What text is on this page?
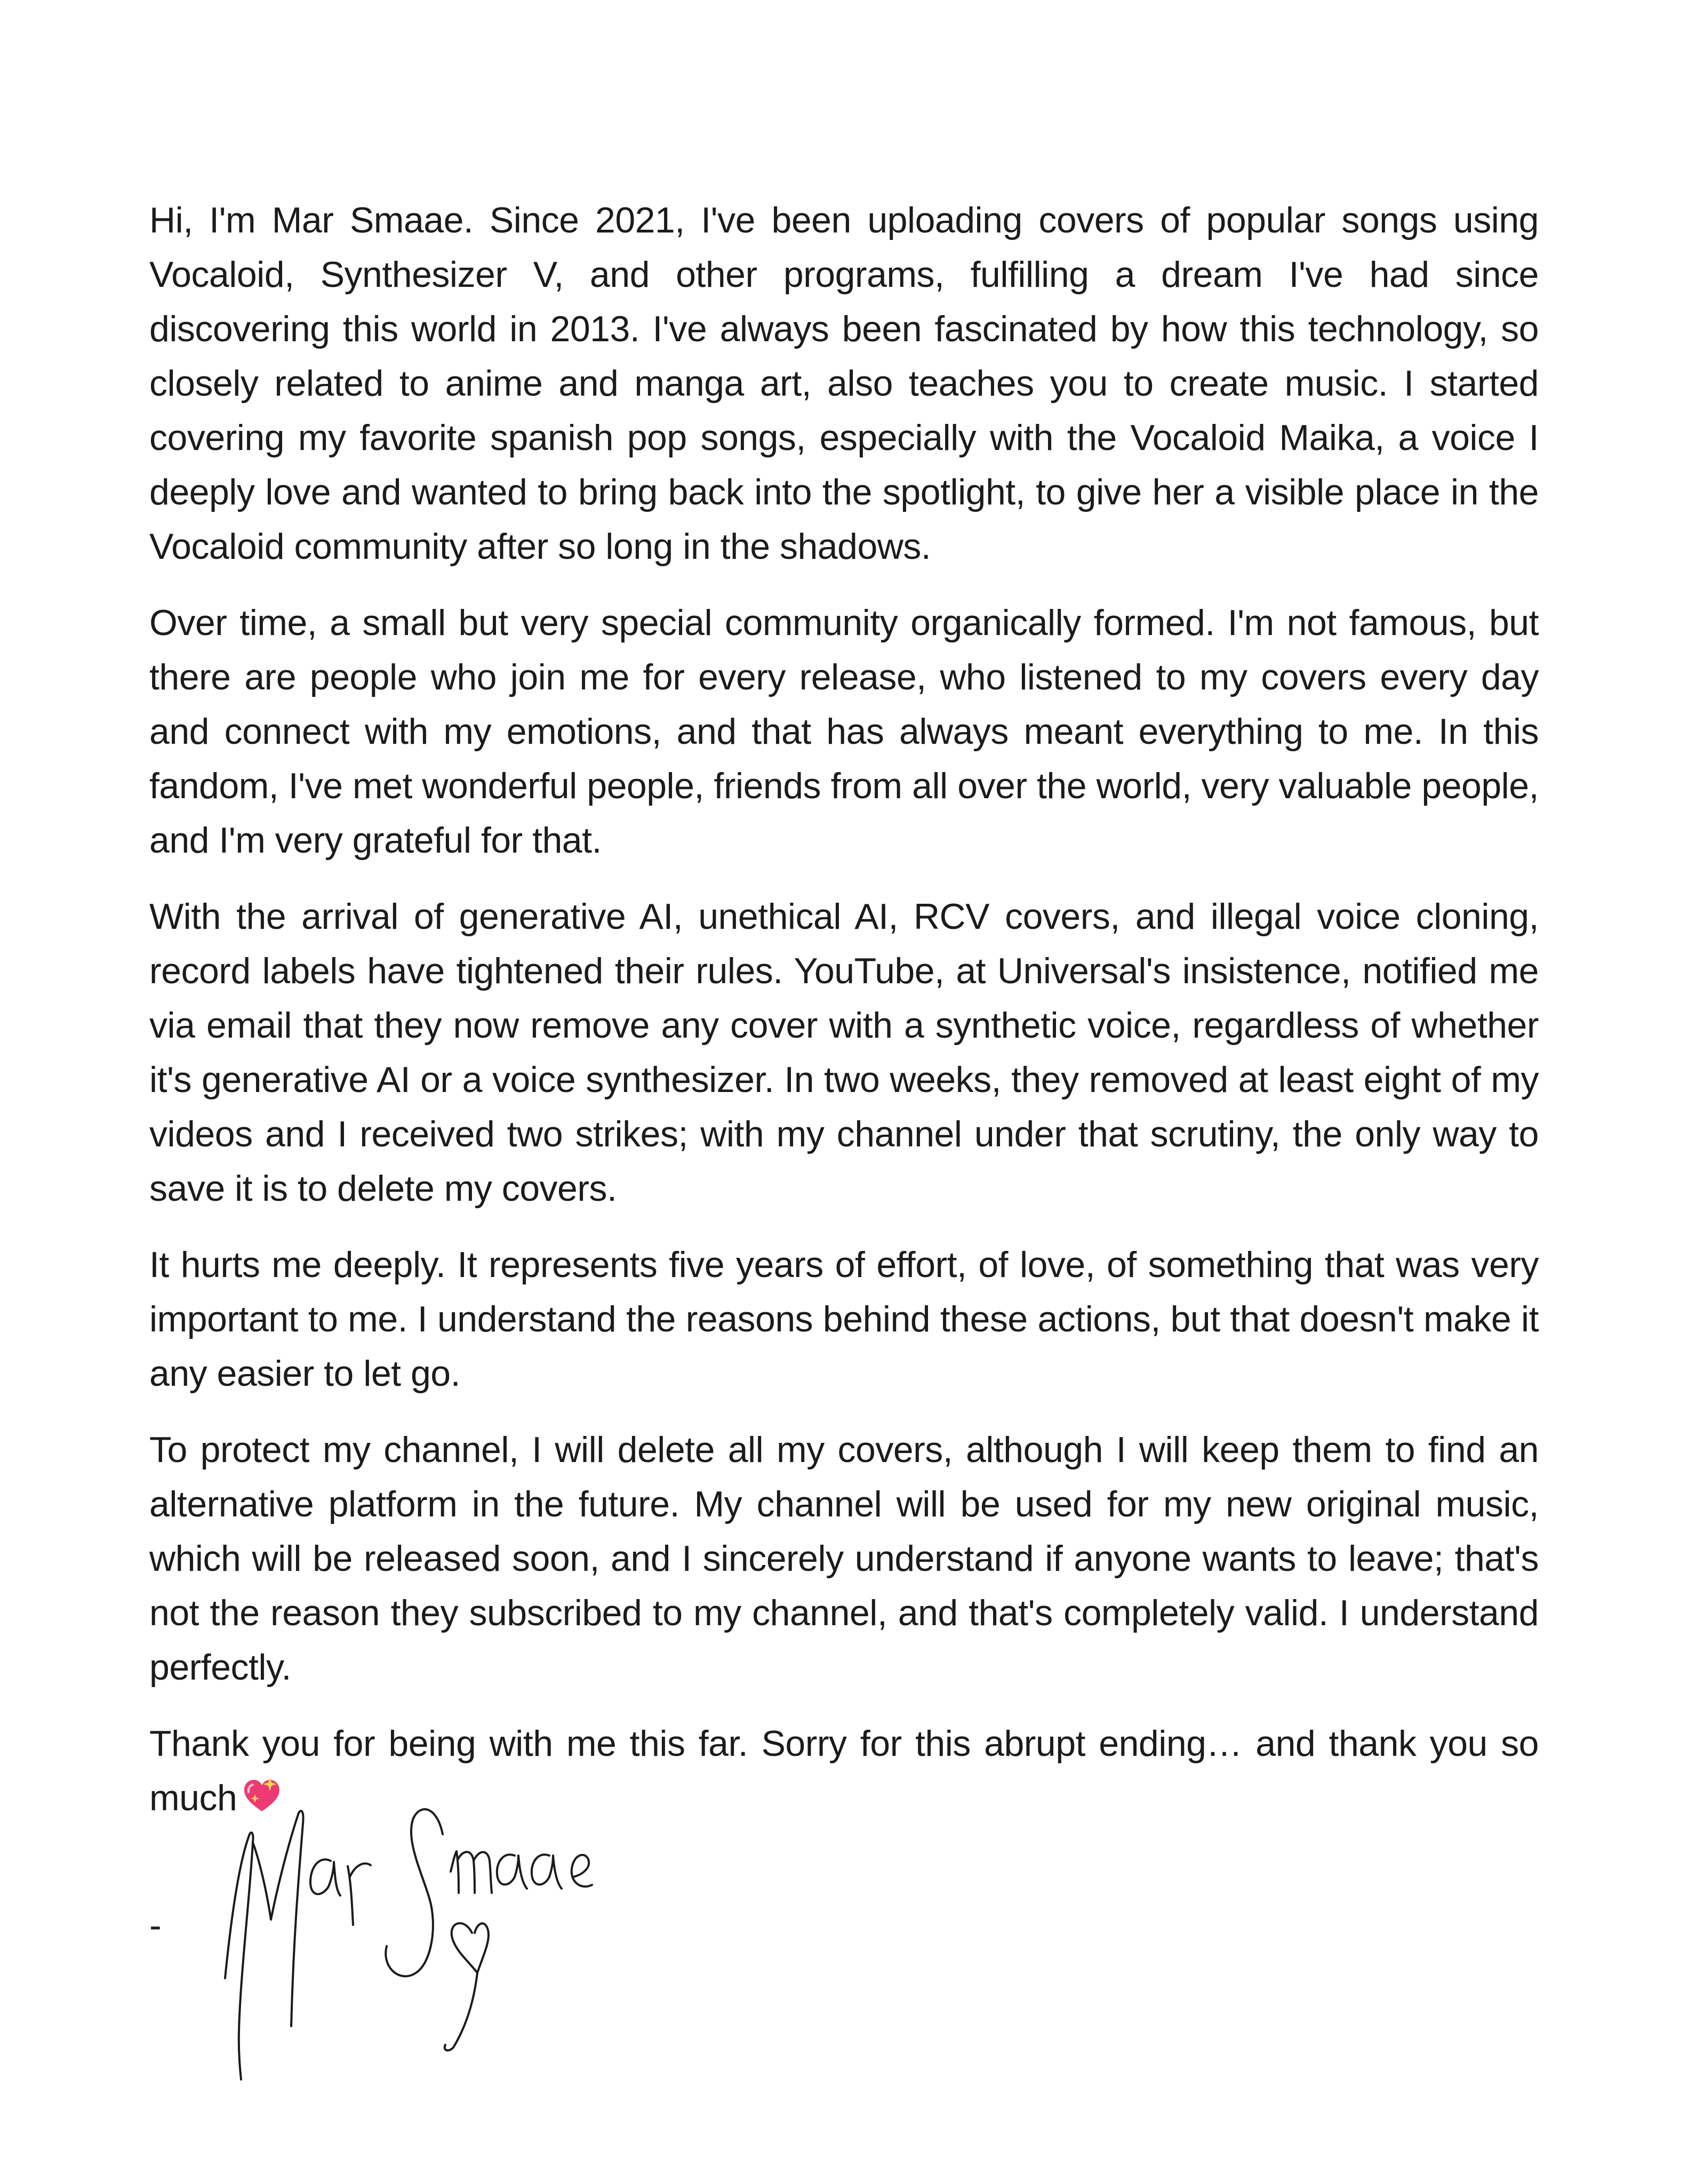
Hi, I'm Mar Smaae. Since 2021, I've been uploading covers of popular songs using Vocaloid, Synthesizer V, and other programs, fulfilling a dream I've had since discovering this world in 2013. I've always been fascinated by how this technology, so closely related to anime and manga art, also teaches you to create music. I started covering my favorite spanish pop songs, especially with the Vocaloid Maika, a voice I deeply love and wanted to bring back into the spotlight, to give her a visible place in the Vocaloid community after so long in the shadows.

Over time, a small but very special community organically formed. I'm not famous, but there are people who join me for every release, who listened to my covers every day and connect with my emotions, and that has always meant everything to me. In this fandom, I've met wonderful people, friends from all over the world, very valuable people, and I'm very grateful for that.

With the arrival of generative AI, unethical AI, RCV covers, and illegal voice cloning, record labels have tightened their rules. YouTube, at Universal's insistence, notified me via email that they now remove any cover with a synthetic voice, regardless of whether it's generative AI or a voice synthesizer. In two weeks, they removed at least eight of my videos and I received two strikes; with my channel under that scrutiny, the only way to save it is to delete my covers.

It hurts me deeply. It represents five years of effort, of love, of something that was very important to me. I understand the reasons behind these actions, but that doesn't make it any easier to let go.

To protect my channel, I will delete all my covers, although I will keep them to find an alternative platform in the future. My channel will be used for my new original music, which will be released soon, and I sincerely understand if anyone wants to leave; that's not the reason they subscribed to my channel, and that's completely valid. I understand perfectly.

Thank you for being with me this far. Sorry for this abrupt ending… and thank you so much

-
